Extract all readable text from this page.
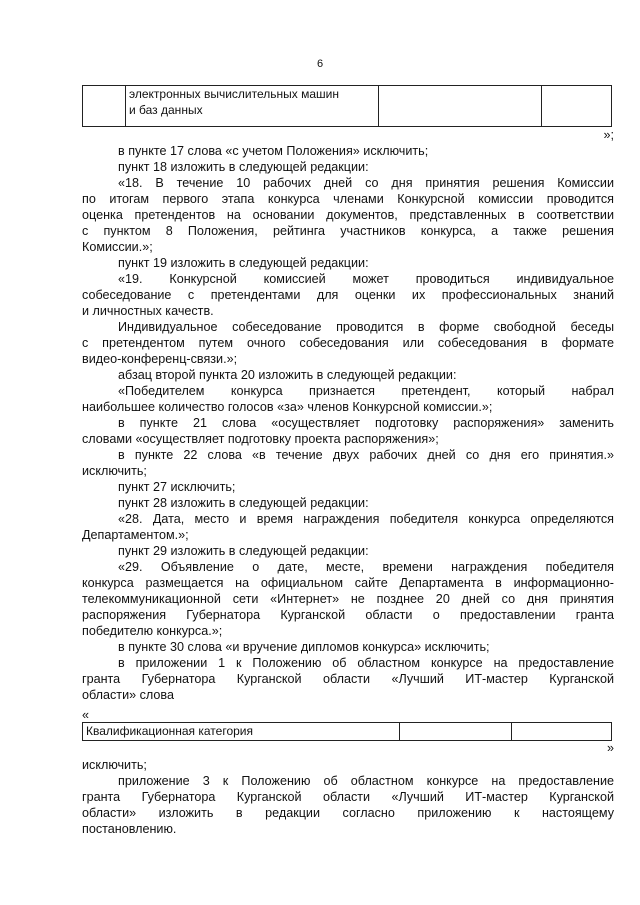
6

электронных вычислительных машин
и баз данных

»;
в пункте 17 слова «с учетом Положения» исключить;
пункт 18 изложить в следующей редакции:
«18. В течение 10 рабочих дней со дня принятия решения Комиссии
по итогам первого этапа конкурса членами Конкурсной комиссии проводится
оценка претендентов на основании документов, представленных в соответствии
с пунктом 8 Положения, рейтинга участников конкурса, а также решения
Комиссии.»;
пункт 19 изложить в следующей редакции:
«19. Конкурсной комиссией может проводиться индивидуальное
собеседование с претендентами для оценки их профессиональных знаний
и личностных качеств.
Индивидуальное собеседование проводится в форме свободной беседы
с претендентом путем очного собеседования или собеседования в формате
видео-конференц-связи.»;
абзац второй пункта 20 изложить в следующей редакции:
«Победителем конкурса признается претендент, который набрал
наибольшее количество голосов «за» членов Конкурсной комиссии.»;
в пункте 21 слова «осуществляет подготовку распоряжения» заменить
словами «осуществляет подготовку проекта распоряжения»;
в пункте 22 слова «в течение двух рабочих дней со дня его принятия.»
исключить;
пункт 27 исключить;
пункт 28 изложить в следующей редакции:
«28. Дата, место и время награждения победителя конкурса определяются
Департаментом.»;
пункт 29 изложить в следующей редакции:
«29. Объявление о дате, месте, времени награждения победителя
конкурса размещается на официальном сайте Департамента в информационно-
телекоммуникационной сети «Интернет» не позднее 20 дней со дня принятия
распоряжения Губернатора Курганской области о предоставлении гранта
победителю конкурса.»;
в пункте 30 слова «и вручение дипломов конкурса» исключить;
в приложении 1 к Положению об областном конкурсе на предоставление
гранта Губернатора Курганской области «Лучший ИТ-мастер Курганской
области» слова
«
Квалификационная категория		
»
исключить;
приложение 3 к Положению об областном конкурсе на предоставление
гранта Губернатора Курганской области «Лучший ИТ-мастер Курганской
области» изложить в редакции согласно приложению к настоящему
постановлению.
